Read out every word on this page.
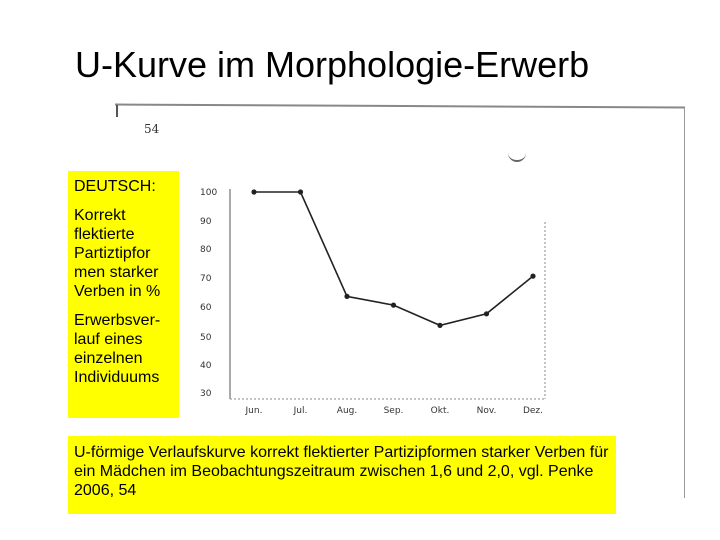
U-Kurve im Morphologie-Erwerb
54
100
90
80
70
60
50
40
30
Jun.	Jul.	Aug.	Sep.	Okt.	Nov.	Dez.

DEUTSCH:

Korrekt flektierte Partiztipfor men starker Verben in %

Erwerbsver- lauf eines einzelnen Individuums

U-förmige Verlaufskurve korrekt flektierter Partizipformen starker Verben für ein Mädchen im Beobachtungszeitraum zwischen 1,6 und 2,0, vgl. Penke 2006, 54
